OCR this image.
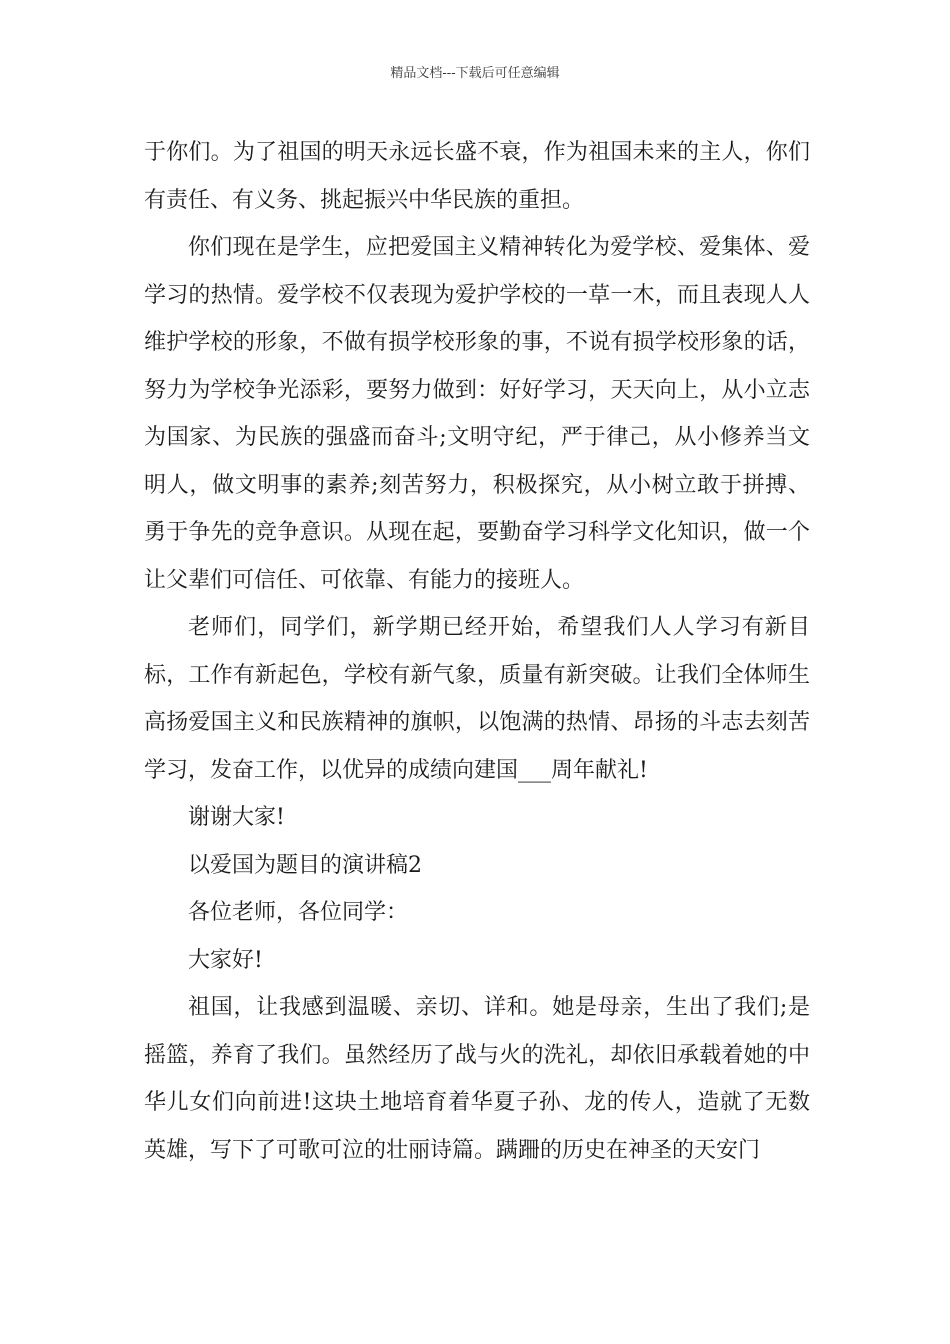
精品文档---下载后可任意编辑

于你们。为了祖国的明天永远长盛不衰，作为祖国未来的主人，你们有责任、有义务、挑起振兴中华民族的重担。

你们现在是学生，应把爱国主义精神转化为爱学校、爱集体、爱学习的热情。爱学校不仅表现为爱护学校的一草一木，而且表现人人维护学校的形象，不做有损学校形象的事，不说有损学校形象的话，努力为学校争光添彩，要努力做到：好好学习，天天向上，从小立志为国家、为民族的强盛而奋斗;文明守纪，严于律己，从小修养当文明人，做文明事的素养;刻苦努力，积极探究，从小树立敢于拼搏、勇于争先的竞争意识。从现在起，要勤奋学习科学文化知识，做一个让父辈们可信任、可依靠、有能力的接班人。

老师们，同学们，新学期已经开始，希望我们人人学习有新目标，工作有新起色，学校有新气象，质量有新突破。让我们全体师生高扬爱国主义和民族精神的旗帜，以饱满的热情、昂扬的斗志去刻苦学习，发奋工作，以优异的成绩向建国___周年献礼!

谢谢大家!

以爱国为题目的演讲稿2

各位老师，各位同学：

大家好!

祖国，让我感到温暖、亲切、详和。她是母亲，生出了我们;是摇篮，养育了我们。虽然经历了战与火的洗礼，却依旧承载着她的中华儿女们向前进!这块土地培育着华夏子孙、龙的传人，造就了无数英雄，写下了可歌可泣的壮丽诗篇。蹒跚的历史在神圣的天安门
